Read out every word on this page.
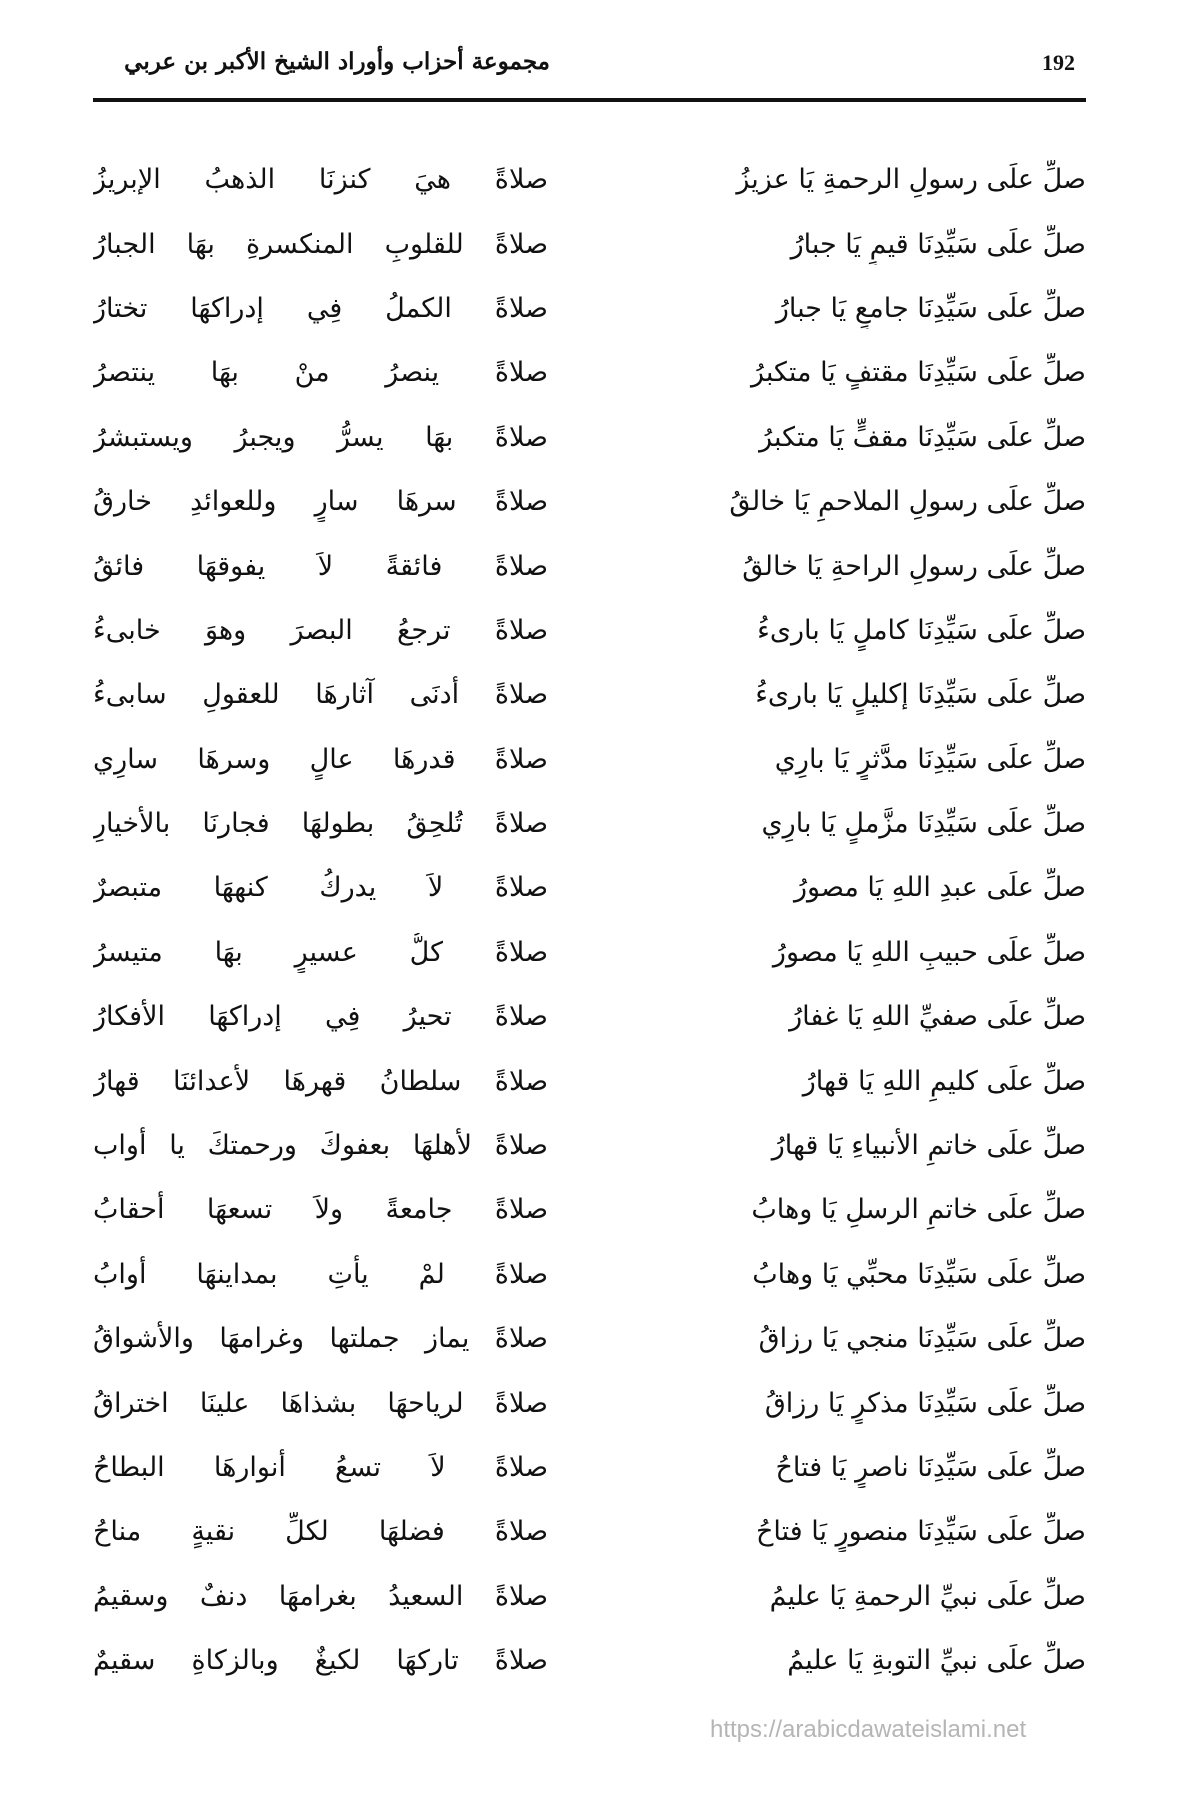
192
مجموعة أحزاب وأوراد الشيخ الأكبر بن عربي
صلِّ علَى رسولِ الرحمةِ يَا عزيزُ
صلاةً هيَ كنزنَا الذهبُ الإبريزُ
صلِّ علَى سَيِّدِنَا قيمٍ يَا جبارُ
صلاةً للقلوبِ المنكسرةِ بهَا الجبارُ
صلِّ علَى سَيِّدِنَا جامعٍ يَا جبارُ
صلاةً الكملُ فِي إدراكهَا تختارُ
صلِّ علَى سَيِّدِنَا مقتفٍ يَا متكبرُ
صلاةً ينصرُ منْ بهَا ينتصرُ
صلِّ علَى سَيِّدِنَا مقفٍّ يَا متكبرُ
صلاةً بهَا يسرُّ ويجبرُ ويستبشرُ
صلِّ علَى رسولِ الملاحمِ يَا خالقُ
صلاةً سرهَا سارٍ وللعوائدِ خارقُ
صلِّ علَى رسولِ الراحةِ يَا خالقُ
صلاةً فائقةً لاَ يفوقهَا فائقُ
صلِّ علَى سَيِّدِنَا كاملٍ يَا بارىءُ
صلاةً ترجعُ البصرَ وهوَ خابىءُ
صلِّ علَى سَيِّدِنَا إكليلٍ يَا بارىءُ
صلاةً أدنَى آثارهَا للعقولِ سابىءُ
صلِّ علَى سَيِّدِنَا مدَّثرٍ يَا بارِي
صلاةً قدرهَا عالٍ وسرهَا سارِي
صلِّ علَى سَيِّدِنَا مزَّملٍ يَا بارِي
صلاةً تُلحِقُ بطولهَا فجارنَا بالأخيارِ
صلِّ علَى عبدِ اللهِ يَا مصورُ
صلاةً لاَ يدركُ كنههَا متبصرٌ
صلِّ علَى حبيبِ اللهِ يَا مصورُ
صلاةً كلُّ عسيرٍ بهَا متيسرُ
صلِّ علَى صفيِّ اللهِ يَا غفارُ
صلاةً تحيرُ فِي إدراكهَا الأفكارُ
صلِّ علَى كليمِ اللهِ يَا قهارُ
صلاةً سلطانُ قهرهَا لأعدائنَا قهارُ
صلِّ علَى خاتمِ الأنبياءِ يَا قهارُ
صلاةً لأهلهَا بعفوكَ ورحمتكَ يا أواب
صلِّ علَى خاتمِ الرسلِ يَا وهابُ
صلاةً جامعةً ولاَ تسعهَا أحقابُ
صلِّ علَى سَيِّدِنَا محبِّي يَا وهابُ
صلاةً لمْ يأتِ بمداينهَا أوابُ
صلِّ علَى سَيِّدِنَا منجي يَا رزاقُ
صلاةً يماز جملتها وغرامهَا والأشواقُ
صلِّ علَى سَيِّدِنَا مذكرٍ يَا رزاقُ
صلاةً لرياحهَا بشذاهَا علينَا اختراقُ
صلِّ علَى سَيِّدِنَا ناصرٍ يَا فتاحُ
صلاةً لاَ تسعُ أنوارهَا البطاحُ
صلِّ علَى سَيِّدِنَا منصورٍ يَا فتاحُ
صلاةً فضلهَا لكلِّ نقيةٍ مناحُ
صلِّ علَى نبيِّ الرحمةِ يَا عليمُ
صلاةً السعيدُ بغرامهَا دنفٌ وسقيمُ
صلِّ علَى نبيِّ التوبةِ يَا عليمُ
صلاةً تاركهَا لكيغٌ وبالزكاةِ سقيمٌ
https://arabicdawateislami.net
